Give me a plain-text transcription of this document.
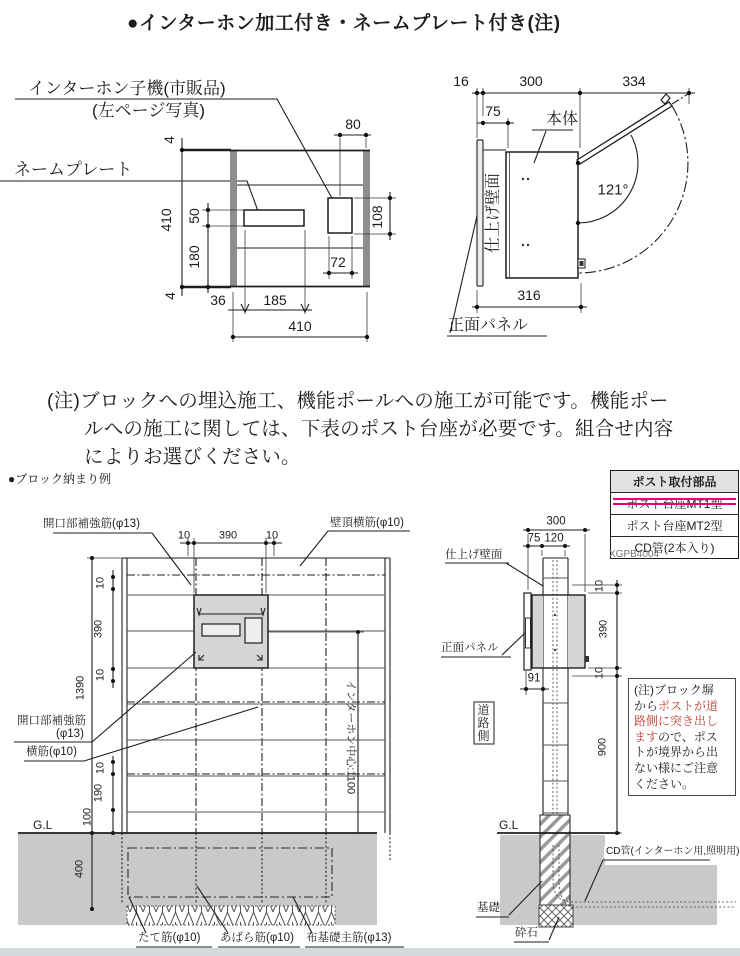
●インターホン加工付き・ネームプレート付き(注)
インターホン子機(市販品)
(左ページ写真)
ネームプレート
80
4
410 50
180
4 36	185
410
108
72
16	300	334
75
本体
仕上げ壁面	121°
316
正面パネル
(注)ブロックへの埋込施工、機能ポールへの施工が可能です。機能ポー
ルへの施工に関しては、下表のポスト台座が必要です。組合せ内容
によりお選びください。
●ブロック納まり例	ポスト取付部品
ポスト台座MT2型
CD管(2本入り)
XGPB4004
開口部補強筋(φ13)	壁頂横筋(φ10)
10	390	10
10
390
10
1390
開口部補強筋
(φ13)
横筋(φ10)
10
190
100
G.L
400
インターホン中心:1100
たて筋(φ10) あばら筋(φ10) 布基礎主筋(φ13)
300
75 120
仕上げ壁面
正面パネル
91
10
390
10
900
道路側
G.L
CD管(インターホン用,照明用)
基礎
砕石
(注)ブロック塀
からポストが道
路側に突き出し
ますので、ポス
トが境界から出
ない様にご注意
ください。
